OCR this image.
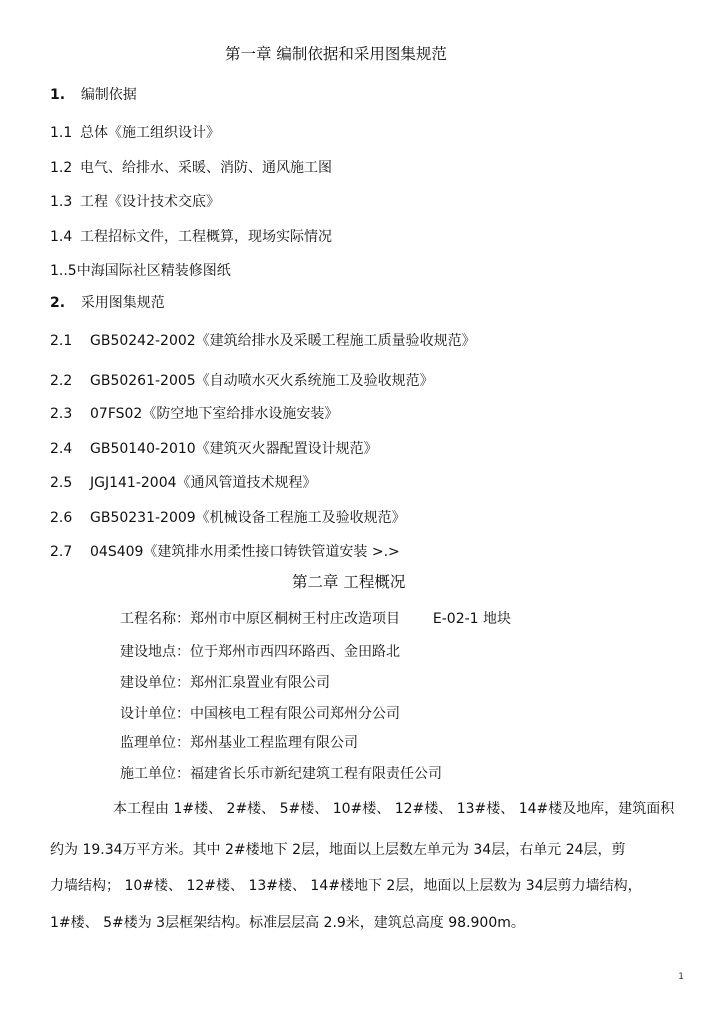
第一章 编制依据和采用图集规范
1. 编制依据
1.1 总体《施工组织设计》
1.2 电气、给排水、采暖、消防、通风施工图
1.3 工程《设计技术交底》
1.4 工程招标文件，工程概算，现场实际情况
1..5中海国际社区精装修图纸
2. 采用图集规范
2.1 GB50242-2002《建筑给排水及采暖工程施工质量验收规范》
2.2 GB50261-2005《自动喷水灭火系统施工及验收规范》
2.3 07FS02《防空地下室给排水设施安装》
2.4 GB50140-2010《建筑灭火器配置设计规范》
2.5 JGJ141-2004《通风管道技术规程》
2.6 GB50231-2009《机械设备工程施工及验收规范》
2.7 04S409《建筑排水用柔性接口铸铁管道安装 >.>
第二章 工程概况
工程名称：郑州市中原区桐树王村庄改造项目 E-02-1 地块
建设地点：位于郑州市西四环路西、金田路北
建设单位：郑州汇泉置业有限公司
设计单位：中国核电工程有限公司郑州分公司
监理单位：郑州基业工程监理有限公司
施工单位：福建省长乐市新纪建筑工程有限责任公司
本工程由 1#楼、 2#楼、 5#楼、 10#楼、 12#楼、 13#楼、 14#楼及地库，建筑面积
约为 19.34万平方米。其中 2#楼地下 2层，地面以上层数左单元为 34层，右单元 24层，剪
力墙结构； 10#楼、 12#楼、 13#楼、 14#楼地下 2层，地面以上层数为 34层剪力墙结构，
1#楼、 5#楼为 3层框架结构。标准层层高 2.9米，建筑总高度 98.900m。
1
